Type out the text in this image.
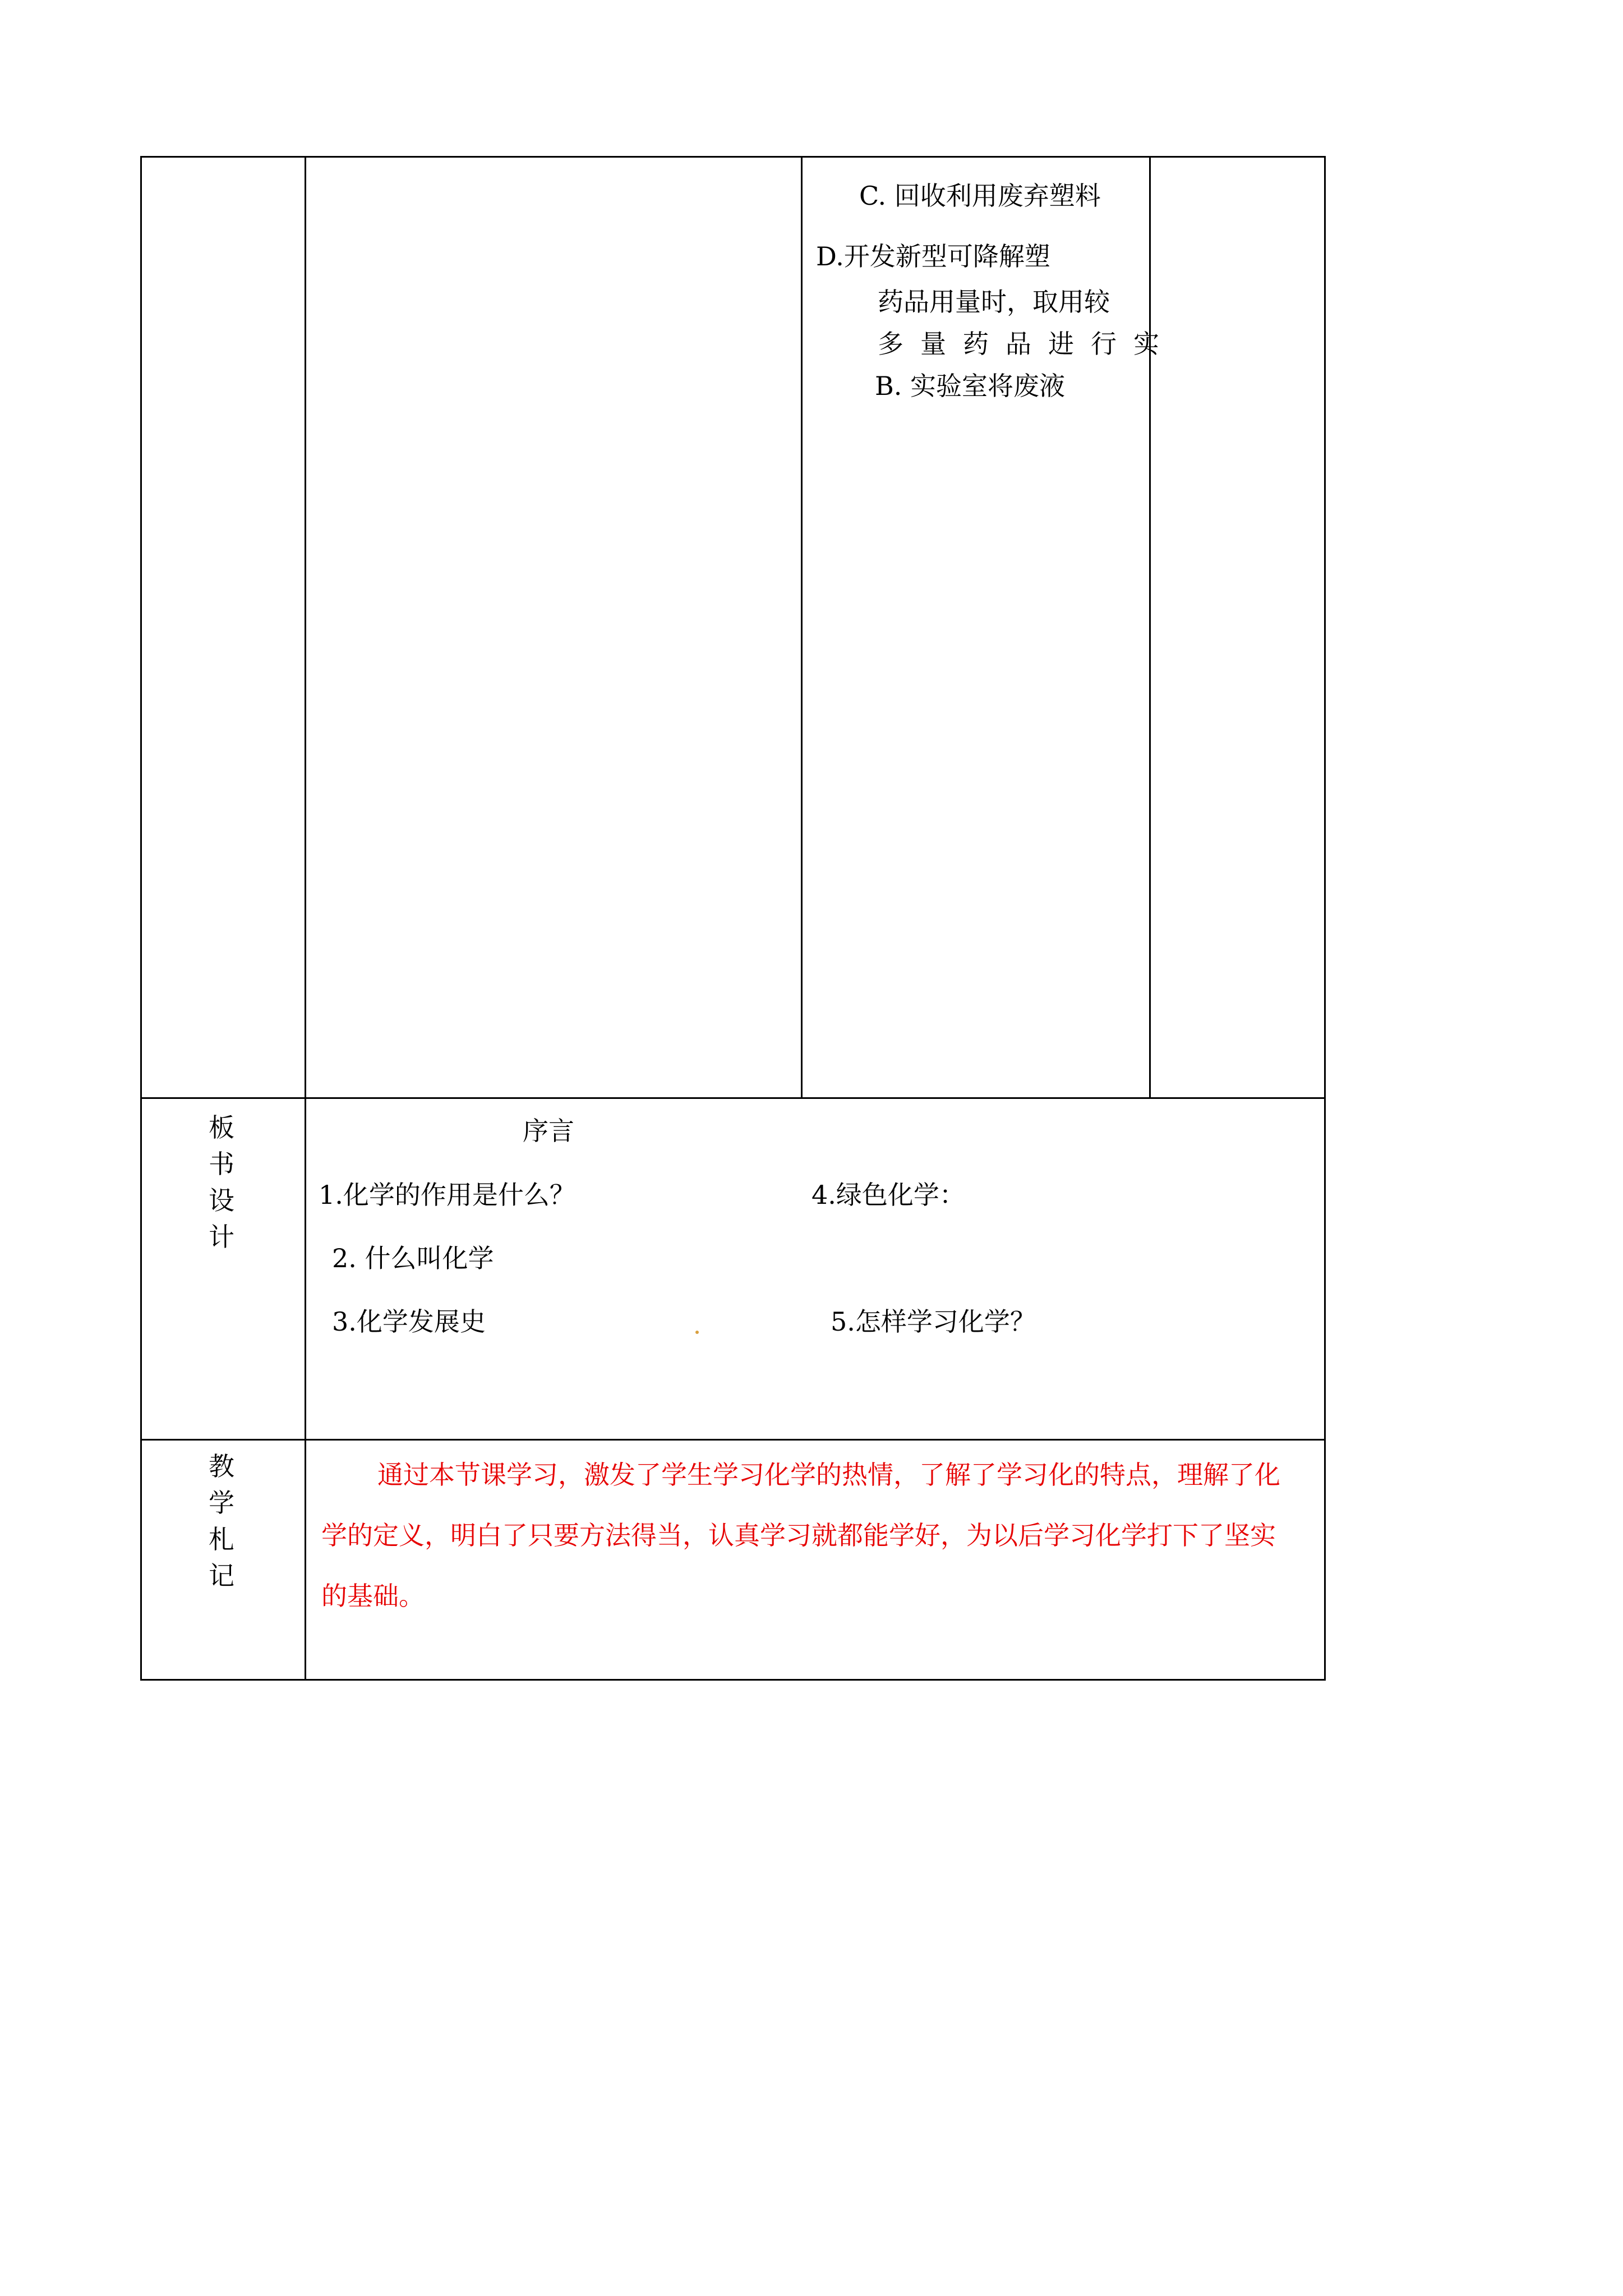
C. 回收利用废弃塑料
D.开发新型可降解塑
药品用量时，取用较
多量药品进行实
B. 实验室将废液
板
书
设
计
序言
1.化学的作用是什么？
2. 什么叫化学
3.化学发展史
4.绿色化学：
5.怎样学习化学？
教
学
札
记
通过本节课学习，激发了学生学习化学的热情，了解了学习化的特点，理解了化学的定义，明白了只要方法得当，认真学习就都能学好，为以后学习化学打下了坚实的基础。
